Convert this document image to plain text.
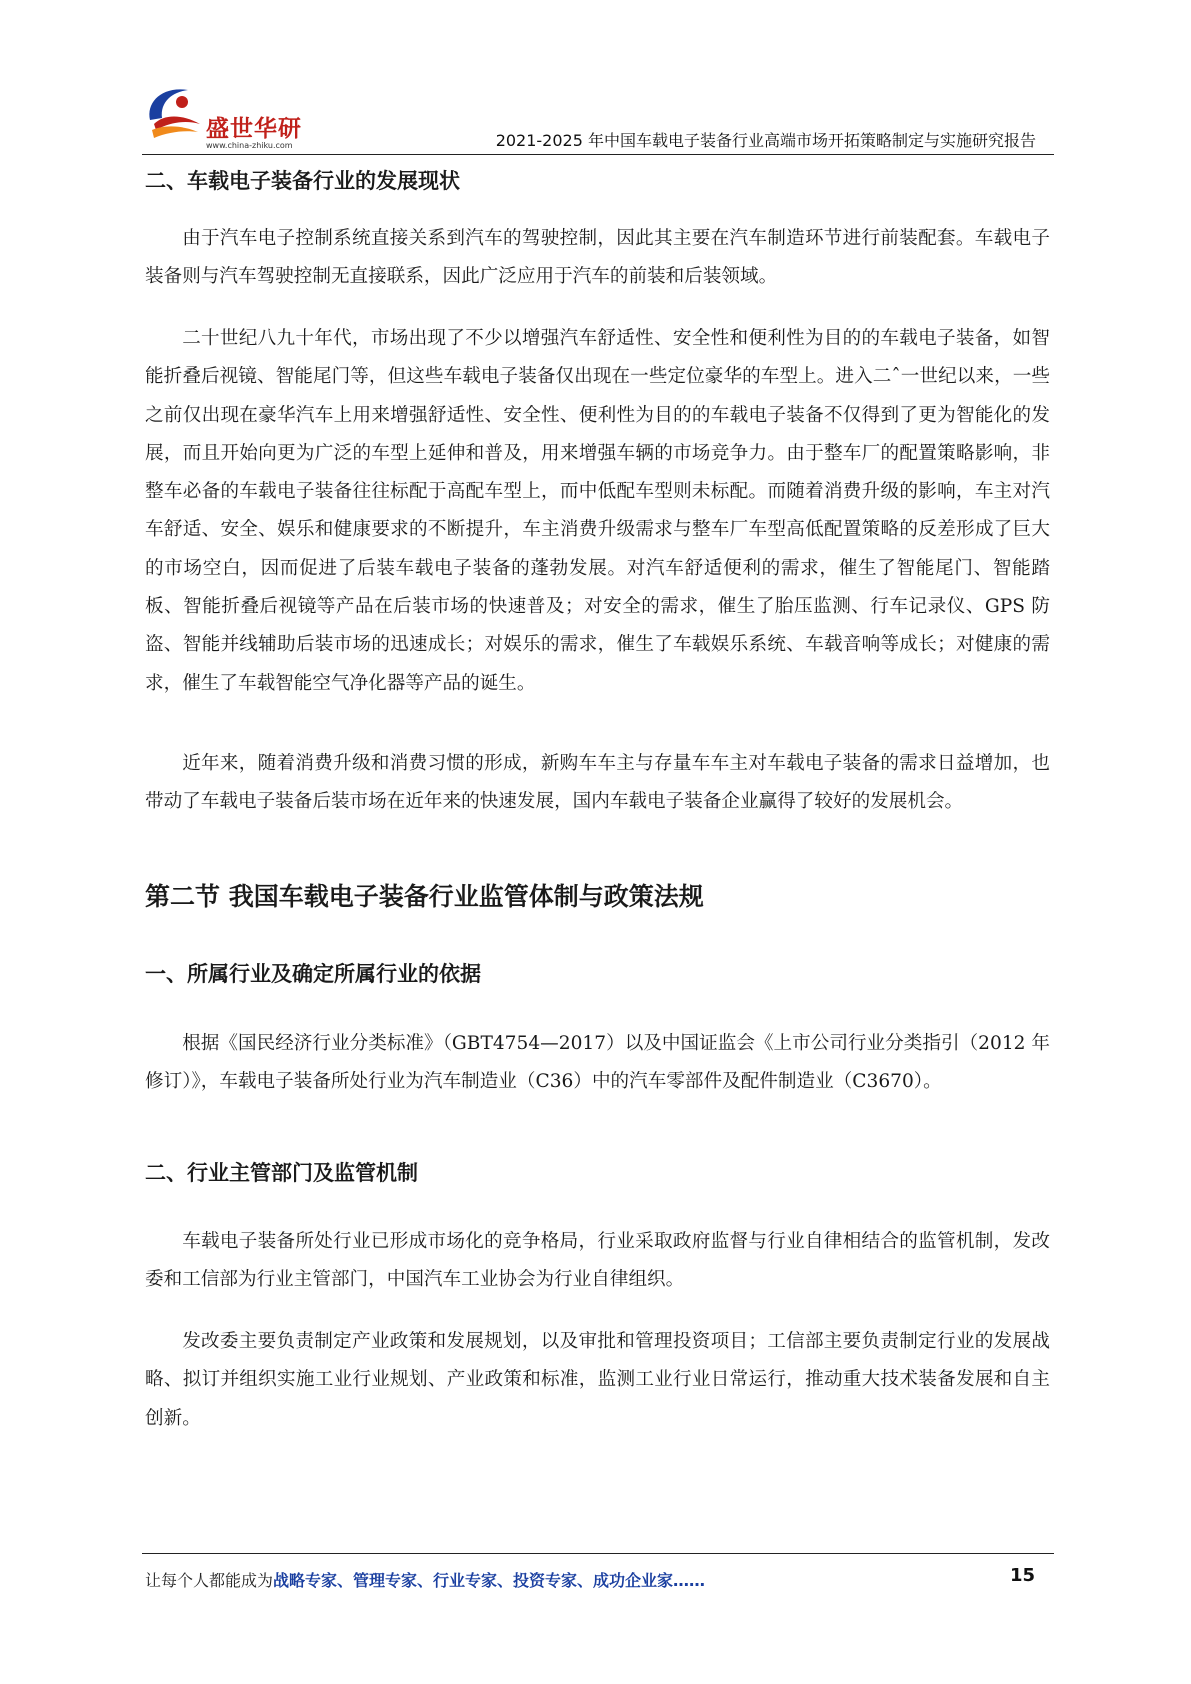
盛世华研
www.china-zhiku.com	2021-2025 年中国车载电子装备行业高端市场开拓策略制定与实施研究报告
二、车载电子装备行业的发展现状

由于汽车电子控制系统直接关系到汽车的驾驶控制，因此其主要在汽车制造环节进行前装配套。车载电子装备则与汽车驾驶控制无直接联系，因此广泛应用于汽车的前装和后装领域。

二十世纪八九十年代，市场出现了不少以增强汽车舒适性、安全性和便利性为目的的车载电子装备，如智能折叠后视镜、智能尾门等，但这些车载电子装备仅出现在一些定位豪华的车型上。进入二ˆ一世纪以来，一些之前仅出现在豪华汽车上用来增强舒适性、安全性、便利性为目的的车载电子装备不仅得到了更为智能化的发展，而且开始向更为广泛的车型上延伸和普及，用来增强车辆的市场竞争力。由于整车厂的配置策略影响，非整车必备的车载电子装备往往标配于高配车型上，而中低配车型则未标配。而随着消费升级的影响，车主对汽车舒适、安全、娱乐和健康要求的不断提升，车主消费升级需求与整车厂车型高低配置策略的反差形成了巨大的市场空白，因而促进了后装车载电子装备的蓬勃发展。对汽车舒适便利的需求，催生了智能尾门、智能踏板、智能折叠后视镜等产品在后装市场的快速普及；对安全的需求，催生了胎压监测、行车记录仪、GPS 防盗、智能并线辅助后装市场的迅速成长；对娱乐的需求，催生了车载娱乐系统、车载音响等成长；对健康的需求，催生了车载智能空气净化器等产品的诞生。

近年来，随着消费升级和消费习惯的形成，新购车车主与存量车车主对车载电子装备的需求日益增加，也带动了车载电子装备后装市场在近年来的快速发展，国内车载电子装备企业赢得了较好的发展机会。

第二节 我国车载电子装备行业监管体制与政策法规
一、所属行业及确定所属行业的依据

根据《国民经济行业分类标准》（GBT4754—2017）以及中国证监会《上市公司行业分类指引（2012 年修订）》，车载电子装备所处行业为汽车制造业（C36）中的汽车零部件及配件制造业（C3670）。

二、行业主管部门及监管机制

车载电子装备所处行业已形成市场化的竞争格局，行业采取政府监督与行业自律相结合的监管机制，发改委和工信部为行业主管部门，中国汽车工业协会为行业自律组织。

发改委主要负责制定产业政策和发展规划，以及审批和管理投资项目；工信部主要负责制定行业的发展战略、拟订并组织实施工业行业规划、产业政策和标准，监测工业行业日常运行，推动重大技术装备发展和自主创新。

让每个人都能成为战略专家、管理专家、行业专家、投资专家、成功企业家……	15
